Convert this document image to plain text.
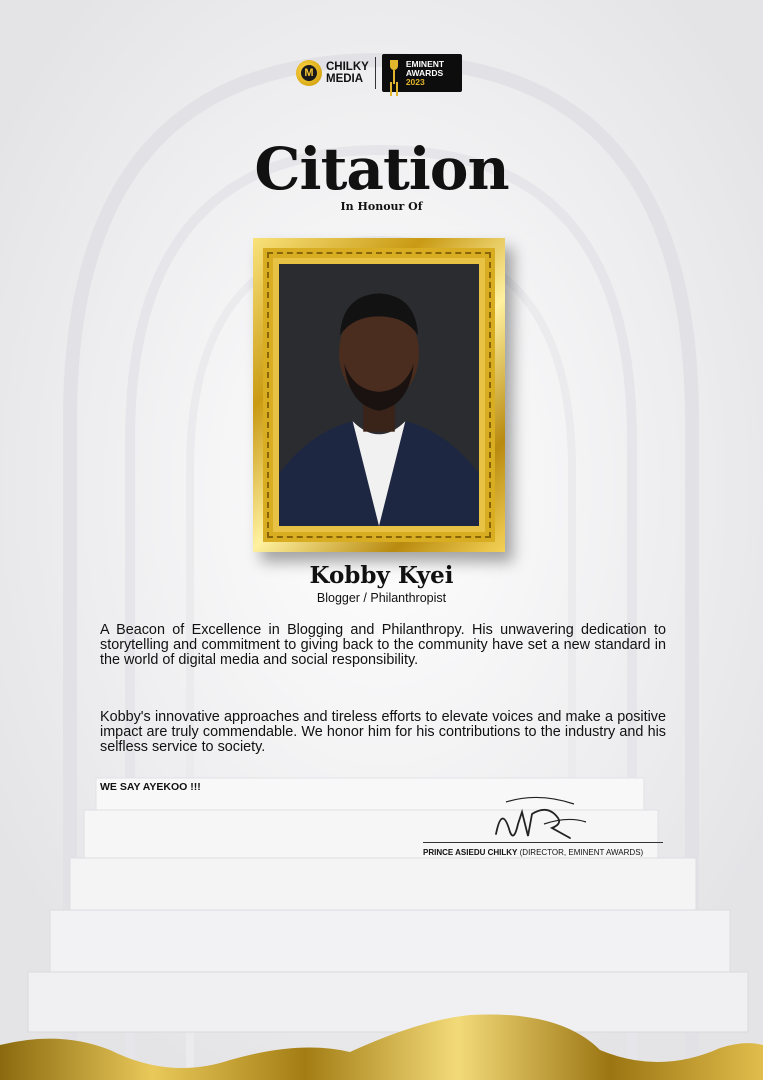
M CHILKY
MEDIA
EMINENT
AWARDS
2023
Citation
In Honour Of
Kobby Kyei
Blogger / Philanthropist

A Beacon of Excellence in Blogging and Philanthropy. His unwavering dedication to storytelling and commitment to giving back to the community have set a new standard in the world of digital media and social responsibility.

Kobby's innovative approaches and tireless efforts to elevate voices and make a positive impact are truly commendable. We honor him for his contributions to the industry and his selfless service to society.

WE SAY AYEKOO !!!
PRINCE ASIEDU CHILKY (DIRECTOR, EMINENT AWARDS)
